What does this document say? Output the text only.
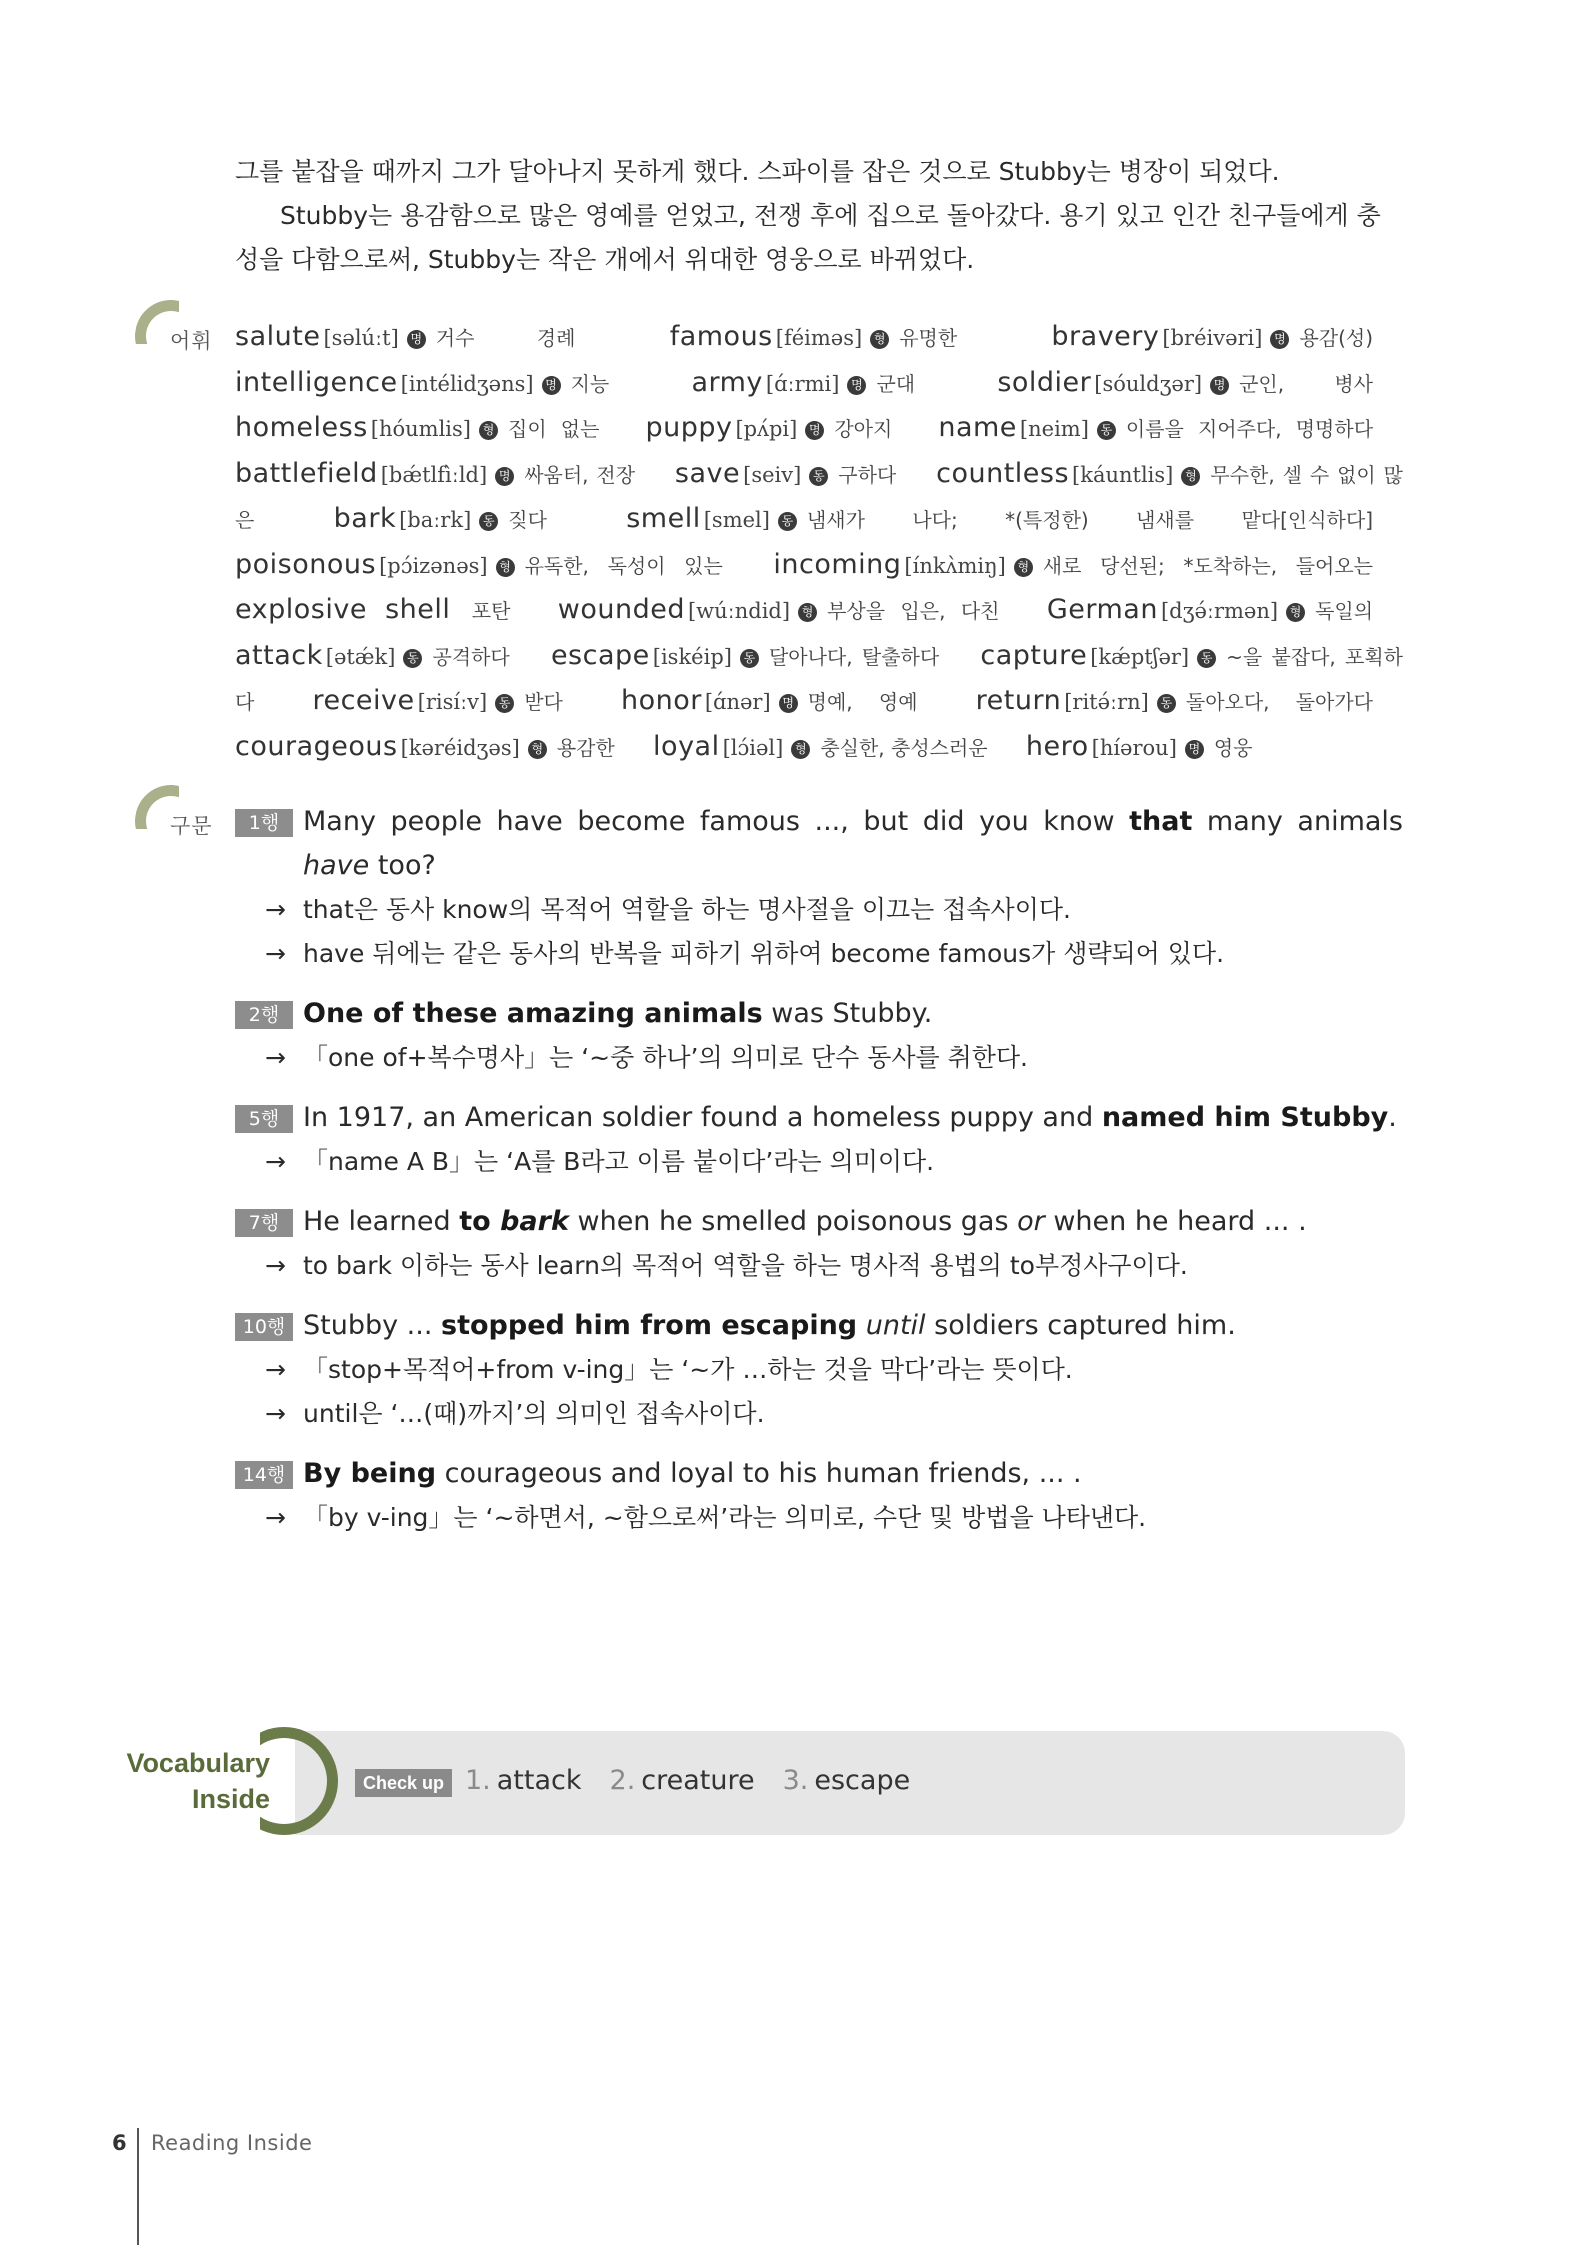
그를 붙잡을 때까지 그가 달아나지 못하게 했다. 스파이를 잡은 것으로 Stubby는 병장이 되었다.

Stubby는 용감함으로 많은 영예를 얻었고, 전쟁 후에 집으로 돌아갔다. 용기 있고 인간 친구들에게 충성을 다함으로써, Stubby는 작은 개에서 위대한 영웅으로 바뀌었다.

어휘 salute [səlúːt] 명 거수 경례	famous [féiməs] 형 유명한	bravery [bréivəri] 명 용감(성) intelligence [intélidʒəns] 명 지능	army [ɑ́ːrmi] 명 군대	soldier [sóuldʒər] 명 군인, 병사 homeless [hóumlis] 형 집이 없는 puppy [pʌ́pi] 명 강아지 name [neim] 동 이름을 지어주다, 명명하다 battlefield [bǽtlfìːld] 명 싸움터, 전장 save [seiv] 동 구하다 countless [káuntlis] 형 무수한, 셀 수 없이 많은	bark [baːrk] 동 짖다	smell [smel] 동 냄새가 나다; *(특정한) 냄새를 맡다[인식하다] poisonous [pɔ́izənəs] 형 유독한, 독성이 있는 incoming [ínkʌ̀miŋ] 형 새로 당선된; *도착하는, 들어오는 explosive shell 포탄 wounded [wúːndid] 형 부상을 입은, 다친 German [dʒə́ːrmən] 형 독일의 attack [ətǽk] 동 공격하다 escape [iskéip] 동 달아나다, 탈출하다 capture [kǽptʃər] 동 ~을 붙잡다, 포획하다 receive [risíːv] 동 받다 honor [ɑ́nər] 명 명예, 영예 return [ritə́ːrn] 동 돌아오다, 돌아가다 courageous [kəréidʒəs] 형 용감한 loyal [lɔ́iəl] 형 충실한, 충성스러운 hero [híərou] 명 영웅
구문	1행 Many people have become famous ..., but did you know that many animals have too?
→ that은 동사 know의 목적어 역할을 하는 명사절을 이끄는 접속사이다.
→ have 뒤에는 같은 동사의 반복을 피하기 위하여 become famous가 생략되어 있다.
2행 One of these amazing animals was Stubby.
→ 「one of+복수명사」는 ‘~중 하나’의 의미로 단수 동사를 취한다.
5행 In 1917, an American soldier found a homeless puppy and named him Stubby.
→ 「name A B」는 ‘A를 B라고 이름 붙이다’라는 의미이다.
7행 He learned to bark when he smelled poisonous gas or when he heard ... .
→ to bark 이하는 동사 learn의 목적어 역할을 하는 명사적 용법의 to부정사구이다.
10행 Stubby ... stopped him from escaping until soldiers captured him.
→ 「stop+목적어+from v-ing」는 ‘~가 …하는 것을 막다’라는 뜻이다.
→ until은 ‘…(때)까지’의 의미인 접속사이다.
14행 By being courageous and loyal to his human friends, ... .
→ 「by v-ing」는 ‘~하면서, ~함으로써’라는 의미로, 수단 및 방법을 나타낸다.
Vocabulary
Inside
Check up 1. attack 2. creature 3. escape
6 Reading Inside
